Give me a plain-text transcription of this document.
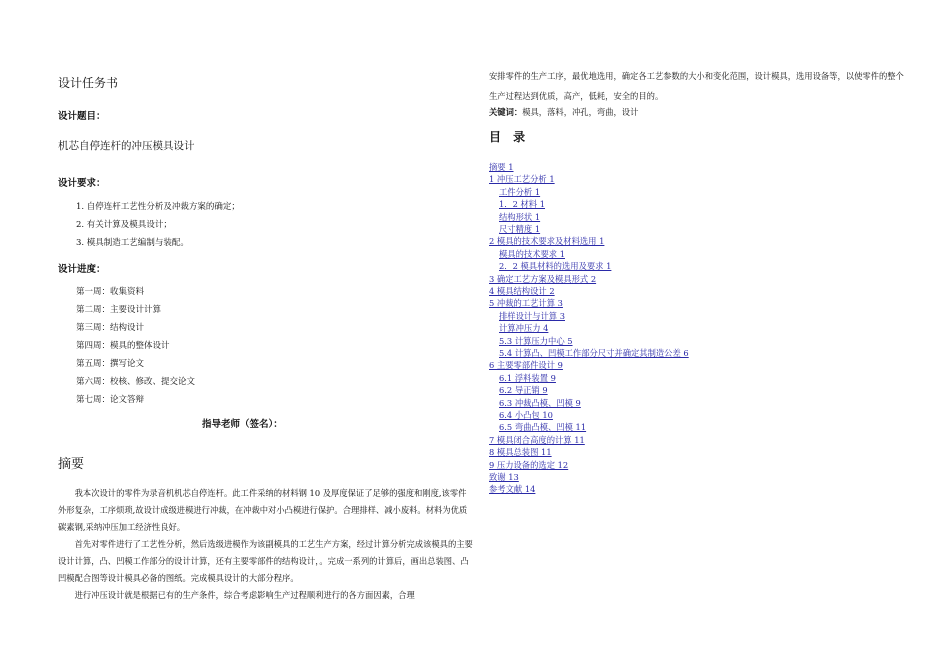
设计任务书
设计题目：
机芯自停连杆的冲压模具设计
设计要求：
1. 自停连杆工艺性分析及冲裁方案的确定；
2. 有关计算及模具设计；
3. 模具制造工艺编制与装配。
设计进度：
第一周：收集资料
第二周：主要设计计算
第三周：结构设计
第四周：模具的整体设计
第五周：撰写论文
第六周：校核、修改、提交论文
第七周：论文答辩
指导老师（签名）：
摘要

我本次设计的零件为录音机机芯自停连杆。此工件采纳的材料钢 10 及厚度保证了足够的强度和刚度,该零件外形复杂，工序烦琐,故设计成级进模进行冲裁，在冲裁中对小凸模进行保护。合理排样、减小废料。材料为优质碳素钢,采纳冲压加工经济性良好。

首先对零件进行了工艺性分析，然后选级进模作为该副模具的工艺生产方案，经过计算分析完成该模具的主要设计计算，凸、凹模工作部分的设计计算，还有主要零部件的结构设计，。完成一系列的计算后，画出总装图、凸凹模配合图等设计模具必备的图纸。完成模具设计的大部分程序。

进行冲压设计就是根据已有的生产条件，综合考虑影响生产过程顺利进行的各方面因素，合理

安排零件的生产工序，最优地选用，确定各工艺参数的大小和变化范围，设计模具，选用设备等，以使零件的整个生产过程达到优质，高产，低耗，安全的目的。

关键词：模具，落料，冲孔，弯曲，设计
目 录
摘要 1
1 冲压工艺分析 1
工件分析 1
1．2 材料 1
结构形状 1
尺寸精度 1
2 模具的技术要求及材料选用 1
模具的技术要求 1
2．2 模具材料的选用及要求 1
3 确定工艺方案及模具形式 2
4 模具结构设计 2
5 冲裁的工艺计算 3
排样设计与计算 3
计算冲压力 4
5.3 计算压力中心 5
5.4 计算凸、凹模工作部分尺寸并确定其制造公差 6
6 主要零部件设计 9
6.1 浮料装置 9
6.2 导正销 9
6.3 冲裁凸模、凹模 9
6.4 小凸包 10
6.5 弯曲凸模、凹模 11
7 模具闭合高度的计算 11
8 模具总装图 11
9 压力设备的选定 12
致谢 13
参考文献 14
